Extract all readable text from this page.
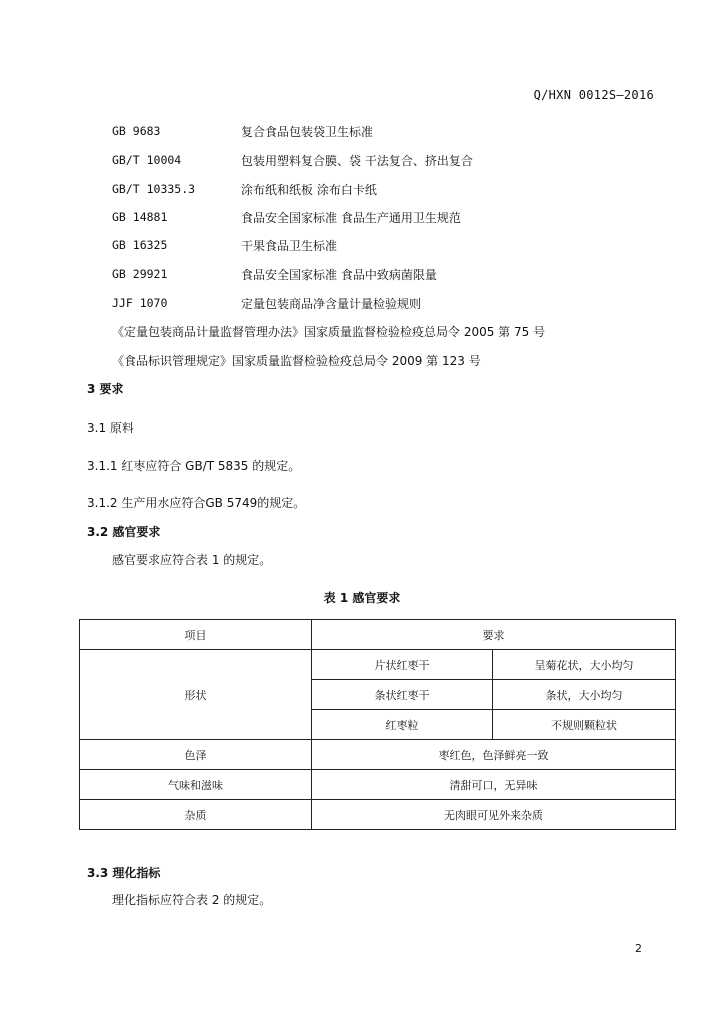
Q/HXN 0012S—2016
GB 9683	复合食品包装袋卫生标准
GB/T 10004	包装用塑料复合膜、袋 干法复合、挤出复合
GB/T 10335.3	涂布纸和纸板 涂布白卡纸
GB 14881	食品安全国家标准 食品生产通用卫生规范
GB 16325	干果食品卫生标准
GB 29921	食品安全国家标准 食品中致病菌限量
JJF 1070	定量包装商品净含量计量检验规则
《定量包装商品计量监督管理办法》国家质量监督检验检疫总局令 2005 第 75 号
《食品标识管理规定》国家质量监督检验检疫总局令 2009 第 123 号
3 要求
3.1 原料
3.1.1 红枣应符合 GB/T 5835 的规定。
3.1.2 生产用水应符合GB 5749的规定。
3.2 感官要求
感官要求应符合表 1 的规定。
表 1 感官要求
项目	要求	
形状	片状红枣干	呈菊花状，大小均匀
	条状红枣干	条状，大小均匀
	红枣粒	不规则颗粒状
色泽	枣红色，色泽鲜亮一致	
气味和滋味	清甜可口，无异味	
杂质	无肉眼可见外来杂质	
3.3 理化指标
理化指标应符合表 2 的规定。
2
